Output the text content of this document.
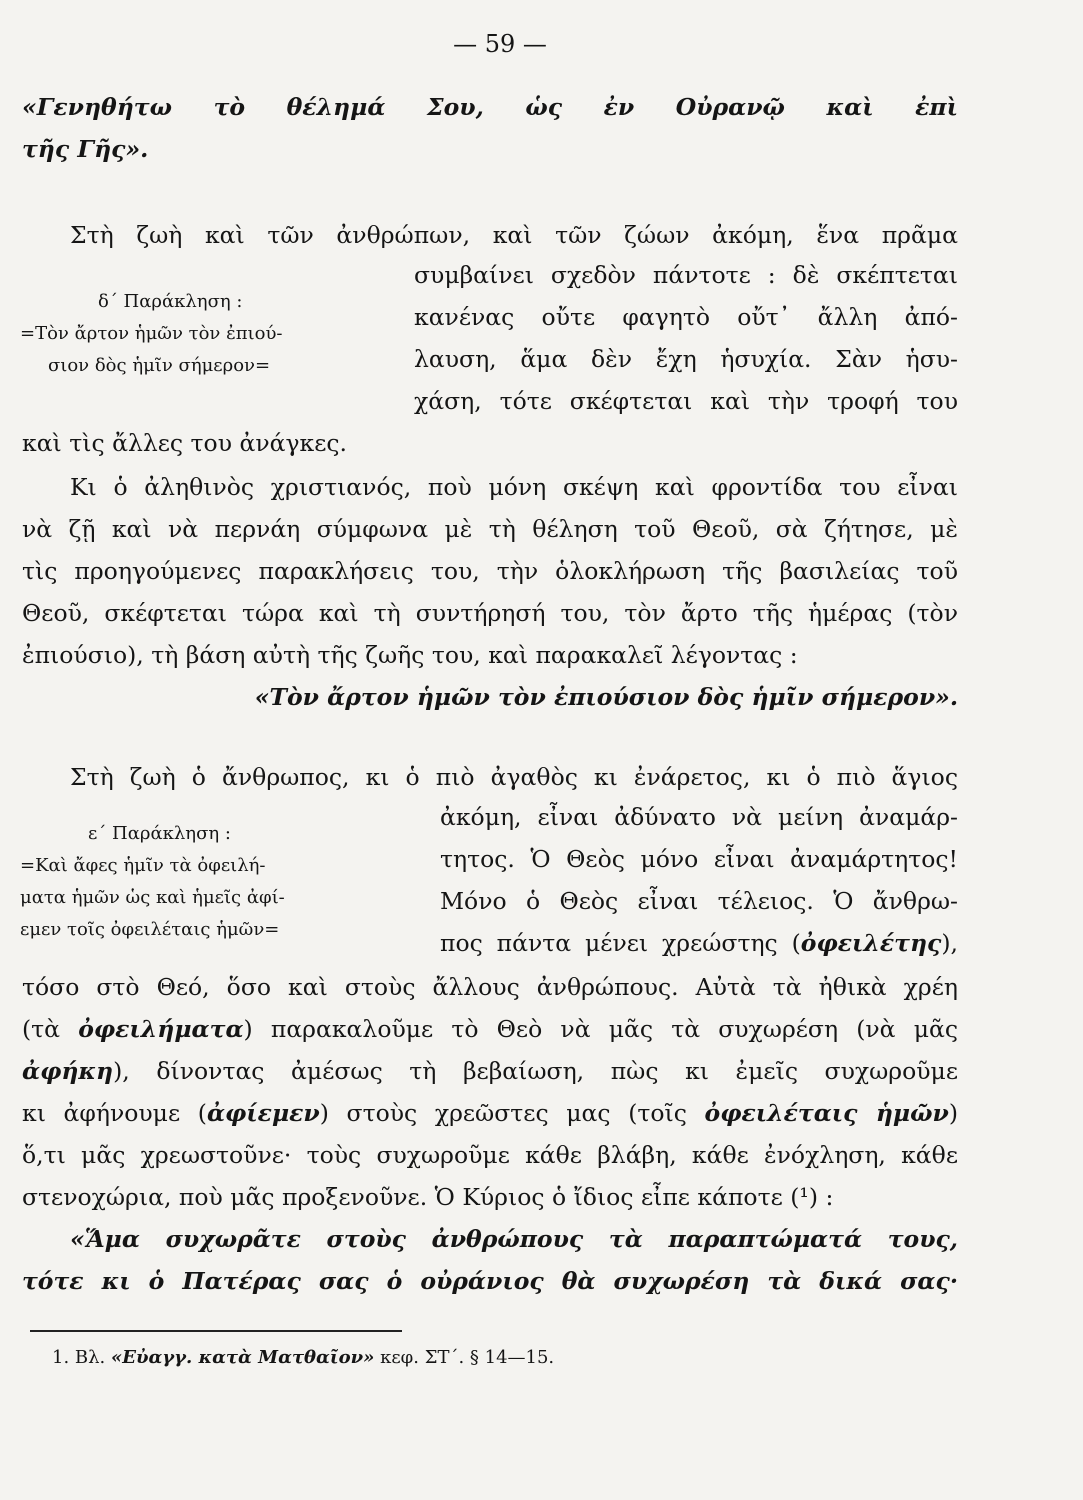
— 59 —
«Γενηθήτω τὸ θέλημά Σου, ὡς ἐν Οὐρανῷ καὶ ἐπὶ
τῆς Γῆς».
Στὴ ζωὴ καὶ τῶν ἀνθρώπων, καὶ τῶν ζώων ἀκόμη, ἕνα πρᾶμα
δ΄ Παράκληση :
=Τὸν ἄρτον ἡμῶν τὸν ἐπιού-
σιον δὸς ἡμῖν σήμερον=
συμβαίνει σχεδὸν πάντοτε : δὲ σκέπτεται
κανένας οὔτε φαγητὸ οὔτ᾽ ἄλλη ἀπό-
λαυση, ἅμα δὲν ἔχη ἡσυχία. Σὰν ἡσυ-
χάση, τότε σκέφτεται καὶ τὴν τροφή του
καὶ τὶς ἄλλες του ἀνάγκες.
Κι ὁ ἀληθινὸς χριστιανός, ποὺ μόνη σκέψη καὶ φροντίδα του εἶναι
νὰ ζῇ καὶ νὰ περνάη σύμφωνα μὲ τὴ θέληση τοῦ Θεοῦ, σὰ ζήτησε, μὲ
τὶς προηγούμενες παρακλήσεις του, τὴν ὁλοκλήρωση τῆς βασιλείας τοῦ
Θεοῦ, σκέφτεται τώρα καὶ τὴ συντήρησή του, τὸν ἄρτο τῆς ἡμέρας (τὸν
ἐπιούσιο), τὴ βάση αὐτὴ τῆς ζωῆς του, καὶ παρακαλεῖ λέγοντας :
«Τὸν ἄρτον ἡμῶν τὸν ἐπιούσιον δὸς ἡμῖν σήμερον».
Στὴ ζωὴ ὁ ἄνθρωπος, κι ὁ πιὸ ἀγαθὸς κι ἐνάρετος, κι ὁ πιὸ ἅγιος
ε΄ Παράκληση :
=Καὶ ἄφες ἡμῖν τὰ ὀφειλή-
ματα ἡμῶν ὡς καὶ ἡμεῖς ἀφί-
εμεν τοῖς ὀφειλέταις ἡμῶν=
ἀκόμη, εἶναι ἀδύνατο νὰ μείνη ἀναμάρ-
τητος. Ὁ Θεὸς μόνο εἶναι ἀναμάρτητος!
Μόνο ὁ Θεὸς εἶναι τέλειος. Ὁ ἄνθρω-
πος πάντα μένει χρεώστης (ὀφειλέτης),
τόσο στὸ Θεό, ὅσο καὶ στοὺς ἄλλους ἀνθρώπους. Αὐτὰ τὰ ἠθικὰ χρέη
(τὰ ὀφειλήματα) παρακαλοῦμε τὸ Θεὸ νὰ μᾶς τὰ συχωρέση (νὰ μᾶς
ἀφήκη), δίνοντας ἀμέσως τὴ βεβαίωση, πὼς κι ἐμεῖς συχωροῦμε
κι ἀφήνουμε (ἀφίεμεν) στοὺς χρεῶστες μας (τοῖς ὀφειλέταις ἡμῶν)
ὅ,τι μᾶς χρεωστοῦνε· τοὺς συχωροῦμε κάθε βλάβη, κάθε ἐνόχληση, κάθε
στενοχώρια, ποὺ μᾶς προξενοῦνε. Ὁ Κύριος ὁ ἴδιος εἶπε κάποτε (¹) :
«Ἅμα συχωρᾶτε στοὺς ἀνθρώπους τὰ παραπτώματά τους,
τότε κι ὁ Πατέρας σας ὁ οὐράνιος θὰ συχωρέση τὰ δικά σας·
1. Βλ. «Εὐαγγ. κατὰ Ματθαῖον» κεφ. ΣΤ΄. § 14—15.
